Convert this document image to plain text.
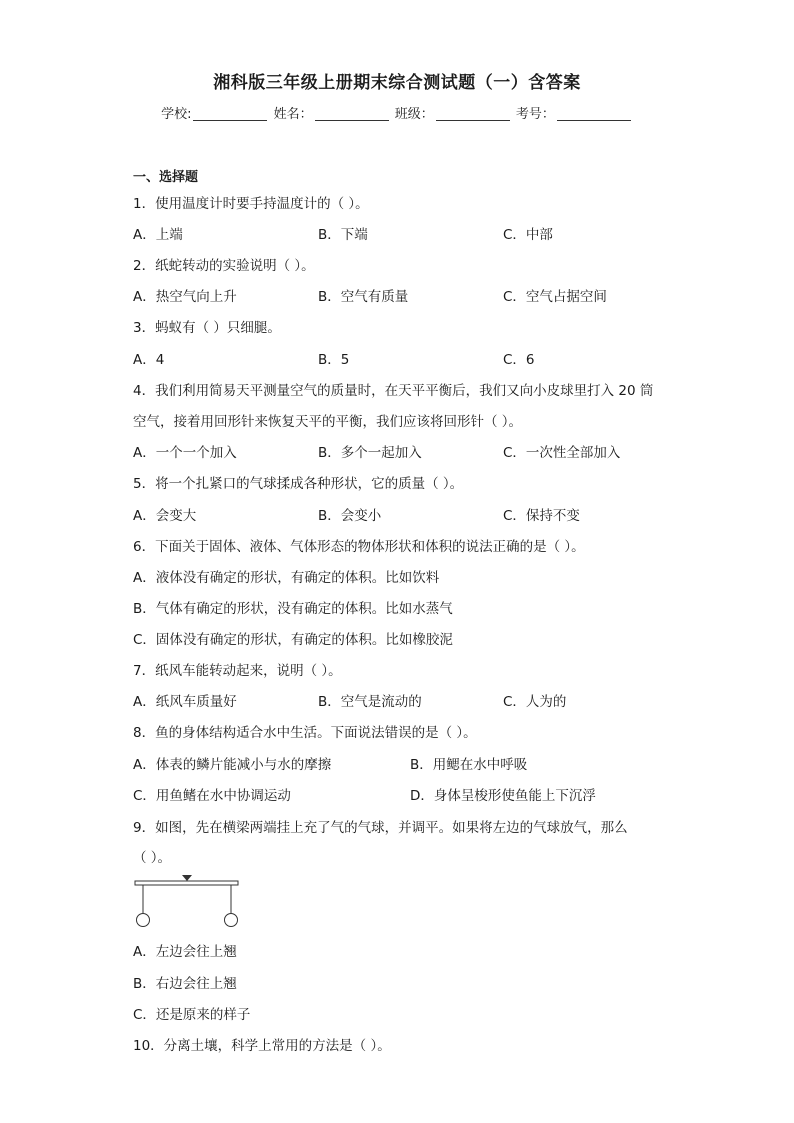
湘科版三年级上册期末综合测试题（一）含答案
学校:	姓名：	班级：	考号：
一、选择题
1．使用温度计时要手持温度计的（ ）。
A．上端	B．下端	C．中部
2．纸蛇转动的实验说明（ ）。
A．热空气向上升	B．空气有质量	C．空气占据空间
3．蚂蚁有（ ）只细腿。
A．4	B．5	C．6
4．我们利用简易天平测量空气的质量时，在天平平衡后，我们又向小皮球里打入 20 筒
空气，接着用回形针来恢复天平的平衡，我们应该将回形针（ ）。
A．一个一个加入	B．多个一起加入	C．一次性全部加入
5．将一个扎紧口的气球揉成各种形状，它的质量（ ）。
A．会变大	B．会变小	C．保持不变
6．下面关于固体、液体、气体形态的物体形状和体积的说法正确的是（ ）。
A．液体没有确定的形状，有确定的体积。比如饮料
B．气体有确定的形状，没有确定的体积。比如水蒸气
C．固体没有确定的形状，有确定的体积。比如橡胶泥
7．纸风车能转动起来，说明（ ）。
A．纸风车质量好	B．空气是流动的	C．人为的
8．鱼的身体结构适合水中生活。下面说法错误的是（ ）。
A．体表的鳞片能减小与水的摩擦	B．用鳃在水中呼吸
C．用鱼鳍在水中协调运动	D．身体呈梭形使鱼能上下沉浮
9．如图，先在横梁两端挂上充了气的气球，并调平。如果将左边的气球放气，那么
（ ）。
A．左边会往上翘
B．右边会往上翘
C．还是原来的样子
10．分离土壤，科学上常用的方法是（ ）。
